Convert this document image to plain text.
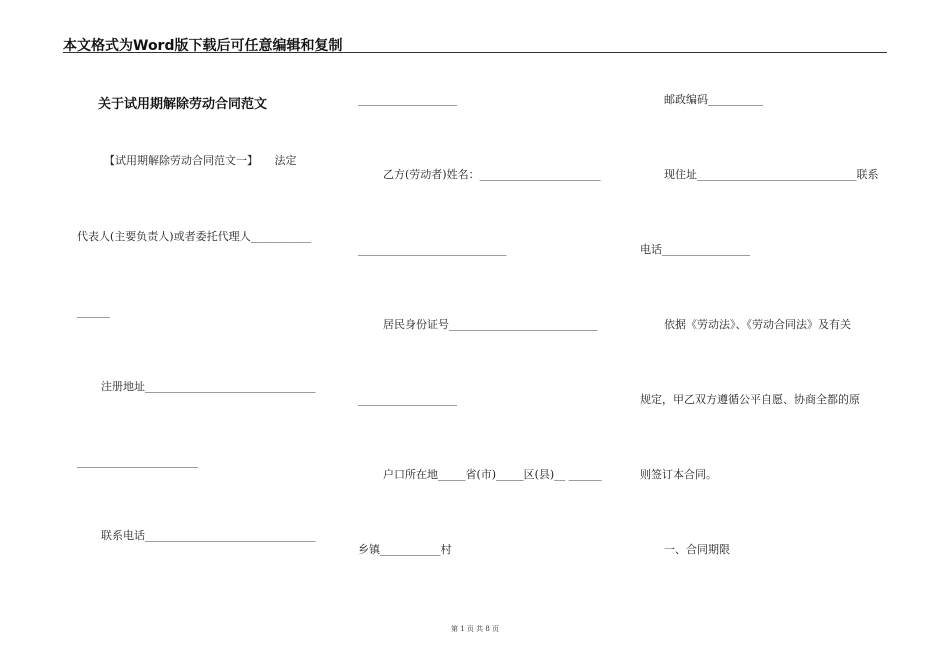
本文格式为Word版下载后可任意编辑和复制
关于试用期解除劳动合同范文
【试用期解除劳动合同范文一】　　法定
代表人(主要负责人)或者委托代理人___________
______
注册地址_______________________________
______________________
联系电话_______________________________
__________________
乙方(劳动者)姓名：______________________
___________________________
居民身份证号___________________________
__________________
户口所在地_____省(市)_____区(县)__ ______
乡镇___________村
邮政编码__________
现住址_____________________________联系
电话________________
依据《劳动法》、《劳动合同法》及有关
规定，甲乙双方遵循公平自愿、协商全都的原
则签订本合同。
一、合同期限
第 1 页 共 8 页
